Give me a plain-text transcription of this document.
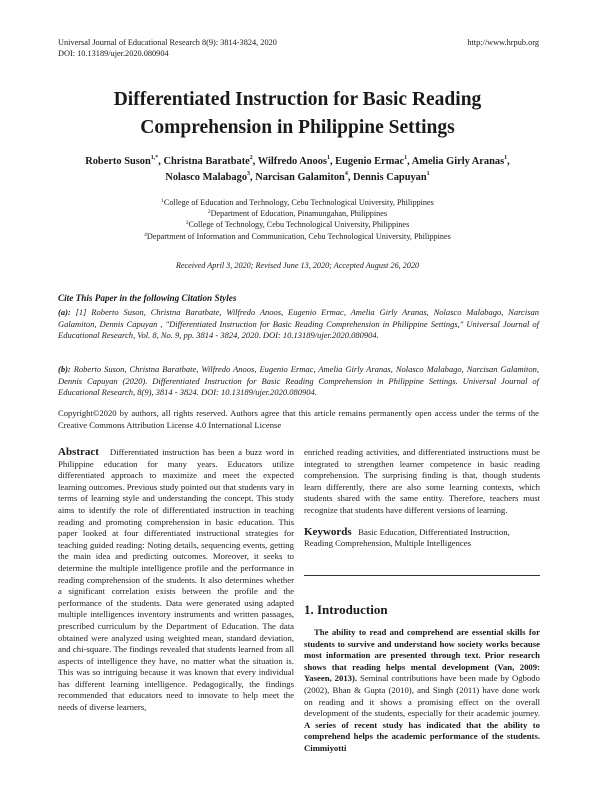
Universal Journal of Educational Research 8(9): 3814-3824, 2020	http://www.hrpub.org
DOI: 10.13189/ujer.2020.080904
Differentiated Instruction for Basic Reading
Comprehension in Philippine Settings
Roberto Suson$^{1,*}$, Christna Baratbate$^2$, Wilfredo Anoos$^1$, Eugenio Ermac$^1$, Amelia Girly Aranas$^1$,
Nolasco Malabago$^3$, Narcisan Galamiton$^4$, Dennis Capuyan$^1$
$^1$College of Education and Technology, Cebu Technological University, Philippines
$^2$Department of Education, Pinamungahan, Philippines
$^3$College of Technology, Cebu Technological University, Philippines
$^4$Department of Information and Communication, Cebu Technological University, Philippines
Received April 3, 2020; Revised June 13, 2020; Accepted August 26, 2020
Cite This Paper in the following Citation Styles
(a): [1] Roberto Suson, Christna Baratbate, Wilfredo Anoos, Eugenio Ermac, Amelia Girly Aranas, Nolasco Malabago, Narcisan Galamiton, Dennis Capuyan , "Differentiated Instruction for Basic Reading Comprehension in Philippine Settings," Universal Journal of Educational Research, Vol. 8, No. 9, pp. 3814 - 3824, 2020. DOI: 10.13189/ujer.2020.080904.
(b): Roberto Suson, Christna Baratbate, Wilfredo Anoos, Eugenio Ermac, Amelia Girly Aranas, Nolasco Malabago, Narcisan Galamiton, Dennis Capuyan (2020). Differentiated Instruction for Basic Reading Comprehension in Philippine Settings. Universal Journal of Educational Research, 8(9), 3814 - 3824. DOI: 10.13189/ujer.2020.080904.
Copyright©2020 by authors, all rights reserved. Authors agree that this article remains permanently open access under the terms of the Creative Commons Attribution License 4.0 International License
Abstract Differentiated instruction has been a buzz word in Philippine education for many years. Educators utilize differentiated approach to maximize and meet the expected learning outcomes. Previous study pointed out that students vary in terms of learning style and understanding the concept. This study aims to identify the role of differentiated instruction in teaching reading and promoting comprehension in basic education. This paper looked at four differentiated instructional strategies for teaching guided reading: Noting details, sequencing events, getting the main idea and predicting outcomes. Moreover, it seeks to determine the multiple intelligence profile and the performance in reading comprehension of the students. It also determines whether a significant correlation exists between the profile and the performance of the students. Data were generated using adapted multiple intelligences inventory instruments and written passages, prescribed curriculum by the Department of Education. The data obtained were analyzed using weighted mean, standard deviation, and chi-square. The findings revealed that students learned from all aspects of intelligence they have, no matter what the situation is. This was so intriguing because it was known that every individual has different learning intelligence. Pedagogically, the findings recommended that educators need to innovate to help meet the needs of diverse learners,
enriched reading activities, and differentiated instructions must be integrated to strengthen learner competence in basic reading comprehension. The surprising finding is that, though students learn differently, there are also some learning contexts, which students shared with the same entity. Therefore, teachers must recognize that students have different versions of learning.
Keywords Basic Education, Differentiated Instruction, Reading Comprehension, Multiple Intelligences
1. Introduction

The ability to read and comprehend are essential skills for students to survive and understand how society works because most information are presented through text. Prior research shows that reading helps mental development (Van, 2009: Yaseen, 2013). Seminal contributions have been made by Ogbodo (2002), Bhan & Gupta (2010), and Singh (2011) have done work on reading and it shows a promising effect on the overall development of the students, especially for their academic journey. A series of recent study has indicated that the ability to comprehend helps the academic performance of the students. Cimmiyotti
